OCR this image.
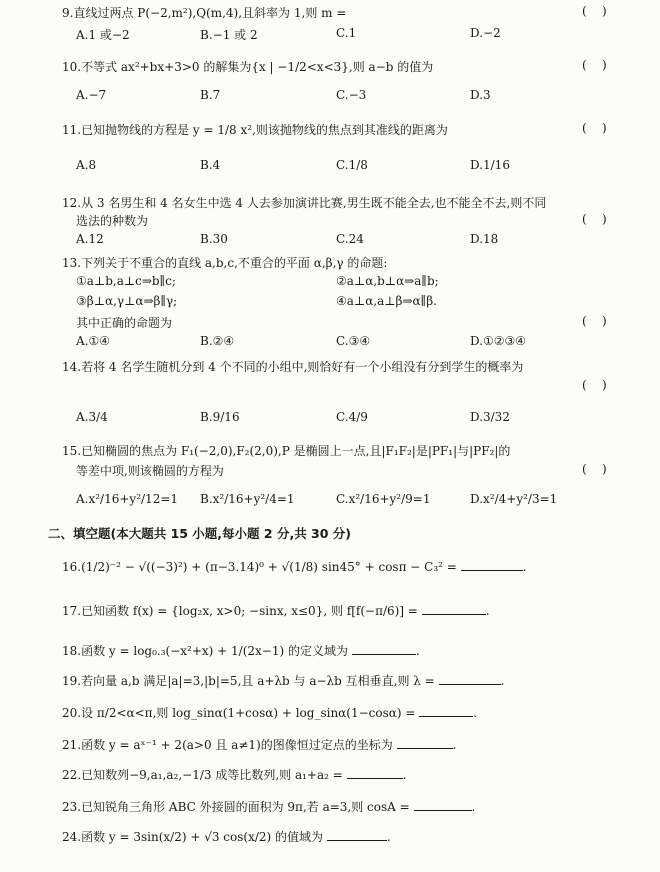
9.直线过两点 P(−2,m²),Q(m,4),且斜率为 1,则 m =	(    )
A.1 或−2	B.−1 或 2	C.1	D.−2
10.不等式 ax²+bx+3>0 的解集为{x | −1/2<x<3},则 a−b 的值为	(    )
A.−7	B.7	C.−3	D.3
11.已知抛物线的方程是 y = 1/8 x²,则该抛物线的焦点到其准线的距离为	(    )
A.8	B.4	C.1/8	D.1/16
12.从 3 名男生和 4 名女生中选 4 人去参加演讲比赛,男生既不能全去,也不能全不去,则不同
选法的种数为	(    )
A.12	B.30	C.24	D.18
13.下列关于不重合的直线 a,b,c,不重合的平面 α,β,γ 的命题:
①a⊥b,a⊥c⇒b∥c;	②a⊥α,b⊥α⇒a∥b;
③β⊥α,γ⊥α⇒β∥γ;	④a⊥α,a⊥β⇒α∥β.
其中正确的命题为	(    )
A.①④	B.②④	C.③④	D.①②③④
14.若将 4 名学生随机分到 4 个不同的小组中,则恰好有一个小组没有分到学生的概率为
(    )
A.3/4	B.9/16	C.4/9	D.3/32
15.已知椭圆的焦点为 F₁(−2,0),F₂(2,0),P 是椭圆上一点,且|F₁F₂|是|PF₁|与|PF₂|的
等差中项,则该椭圆的方程为	(    )
A.x²/16+y²/12=1 B.x²/16+y²/4=1	C.x²/16+y²/9=1	D.x²/4+y²/3=1
二、填空题(本大题共 15 小题,每小题 2 分,共 30 分)
16.(1/2)⁻² − √((−3)²) + (π−3.14)⁰ + √(1/8) sin45° + cosπ − C₃² =	.
17.已知函数 f(x) = {log₂x, x>0; −sinx, x≤0}, 则 f[f(−π/6)] =	.
18.函数 y = log₀.₃(−x²+x) + 1/(2x−1) 的定义域为	.
19.若向量 a,b 满足|a|=3,|b|=5,且 a+λb 与 a−λb 互相垂直,则 λ =	.
20.设 π/2<α<π,则 log_sinα(1+cosα) + log_sinα(1−cosα) =	.
21.函数 y = aˣ⁻¹ + 2(a>0 且 a≠1)的图像恒过定点的坐标为	.
22.已知数列−9,a₁,a₂,−1/3 成等比数列,则 a₁+a₂ =	.
23.已知锐角三角形 ABC 外接圆的面积为 9π,若 a=3,则 cosA =	.
24.函数 y = 3sin(x/2) + √3 cos(x/2) 的值域为	.
